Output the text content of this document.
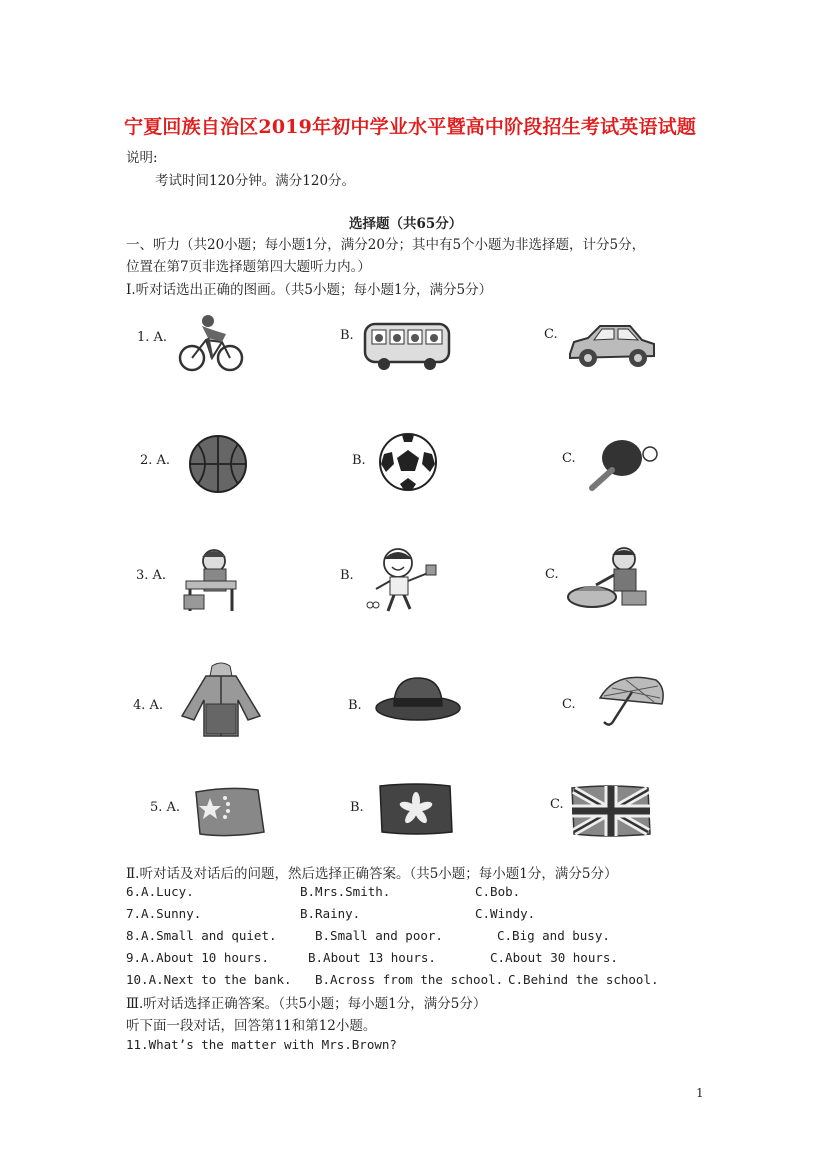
宁夏回族自治区2019年初中学业水平暨高中阶段招生考试英语试题
说明:
考试时间120分钟。满分120分。
选择题（共65分）
一、听力（共20小题；每小题1分，满分20分；其中有5个小题为非选择题，计分5分，
位置在第7页非选择题第四大题听力内。）
Ⅰ.听对话选出正确的图画。（共5小题；每小题1分，满分5分）
1. A.	B.	C.
2. A.	B.	C.
3. A.	B.	C.
4. A.	B.	C.
5. A.	B.	C.
Ⅱ.听对话及对话后的问题，然后选择正确答案。（共5小题；每小题1分，满分5分）
6.A.Lucy.	B.Mrs.Smith.	C.Bob.
7.A.Sunny.	B.Rainy.	C.Windy.
8.A.Small and quiet.	B.Small and poor.	C.Big and busy.
9.A.About 10 hours.	B.About 13 hours.	C.About 30 hours.
10.A.Next to the bank. B.Across from the school. C.Behind the school.
Ⅲ.听对话选择正确答案。（共5小题；每小题1分，满分5分）
听下面一段对话，回答第11和第12小题。
11.What’s the matter with Mrs.Brown?
1
